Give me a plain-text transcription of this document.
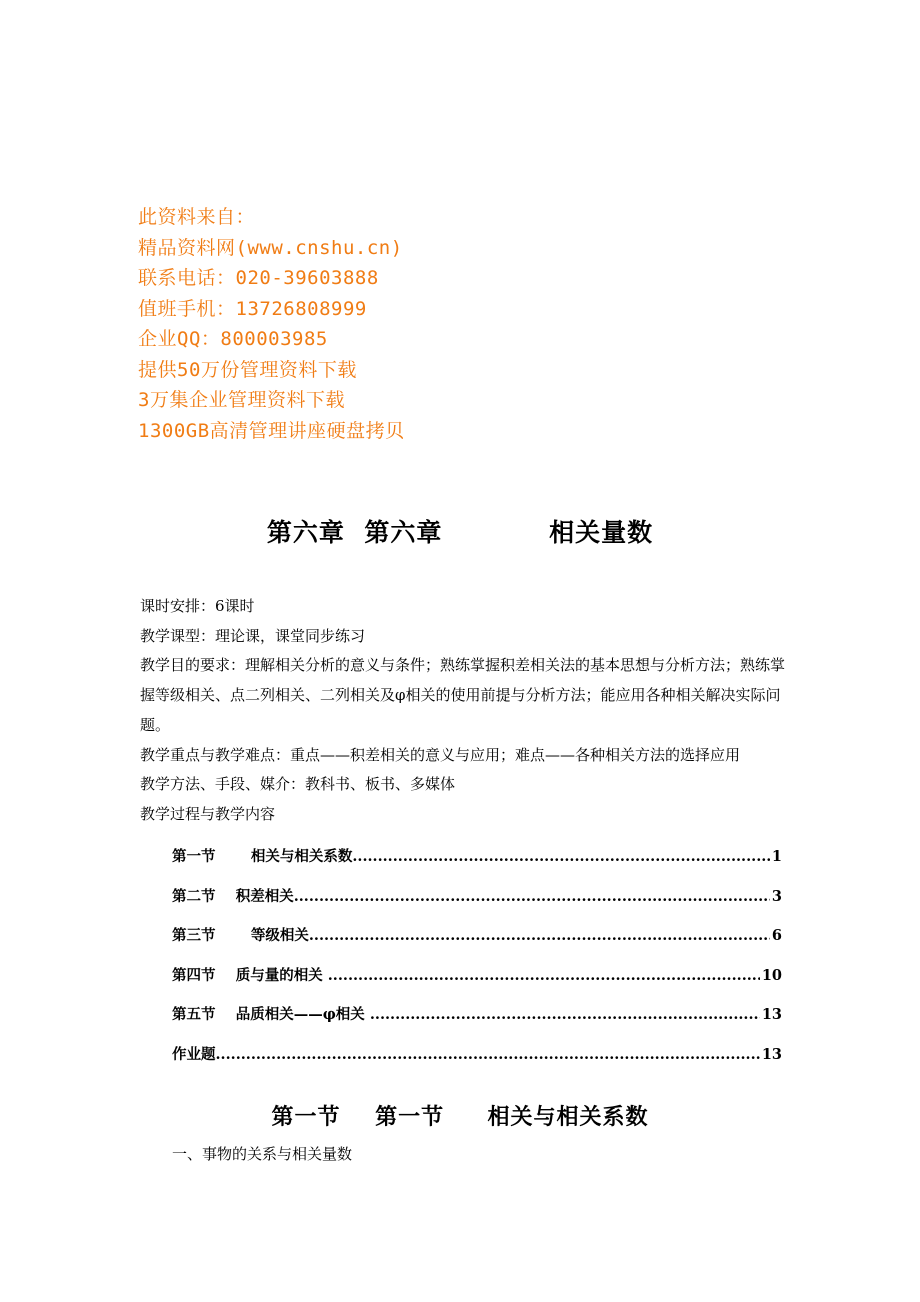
此资料来自：
精品资料网(www.cnshu.cn)
联系电话：020-39603888
值班手机：13726808999
企业QQ：800003985
提供50万份管理资料下载
3万集企业管理资料下载
1300GB高清管理讲座硬盘拷贝
第六章  第六章           相关量数

课时安排：6课时

教学课型：理论课，课堂同步练习

教学目的要求：理解相关分析的意义与条件；熟练掌握积差相关法的基本思想与分析方法；熟练掌握等级相关、点二列相关、二列相关及φ相关的使用前提与分析方法；能应用各种相关解决实际问题。

教学重点与教学难点：重点——积差相关的意义与应用；难点——各种相关方法的选择应用

教学方法、手段、媒介：教科书、板书、多媒体

教学过程与教学内容

第一节       相关与相关系数 .....	1
第二节    积差相关 .....	3
第三节       等级相关 .....	6
第四节    质与量的相关 .....	10
第五节    品质相关——φ相关 .....	13
作业题 .....	13
第一节    第一节     相关与相关系数
一、事物的关系与相关量数
